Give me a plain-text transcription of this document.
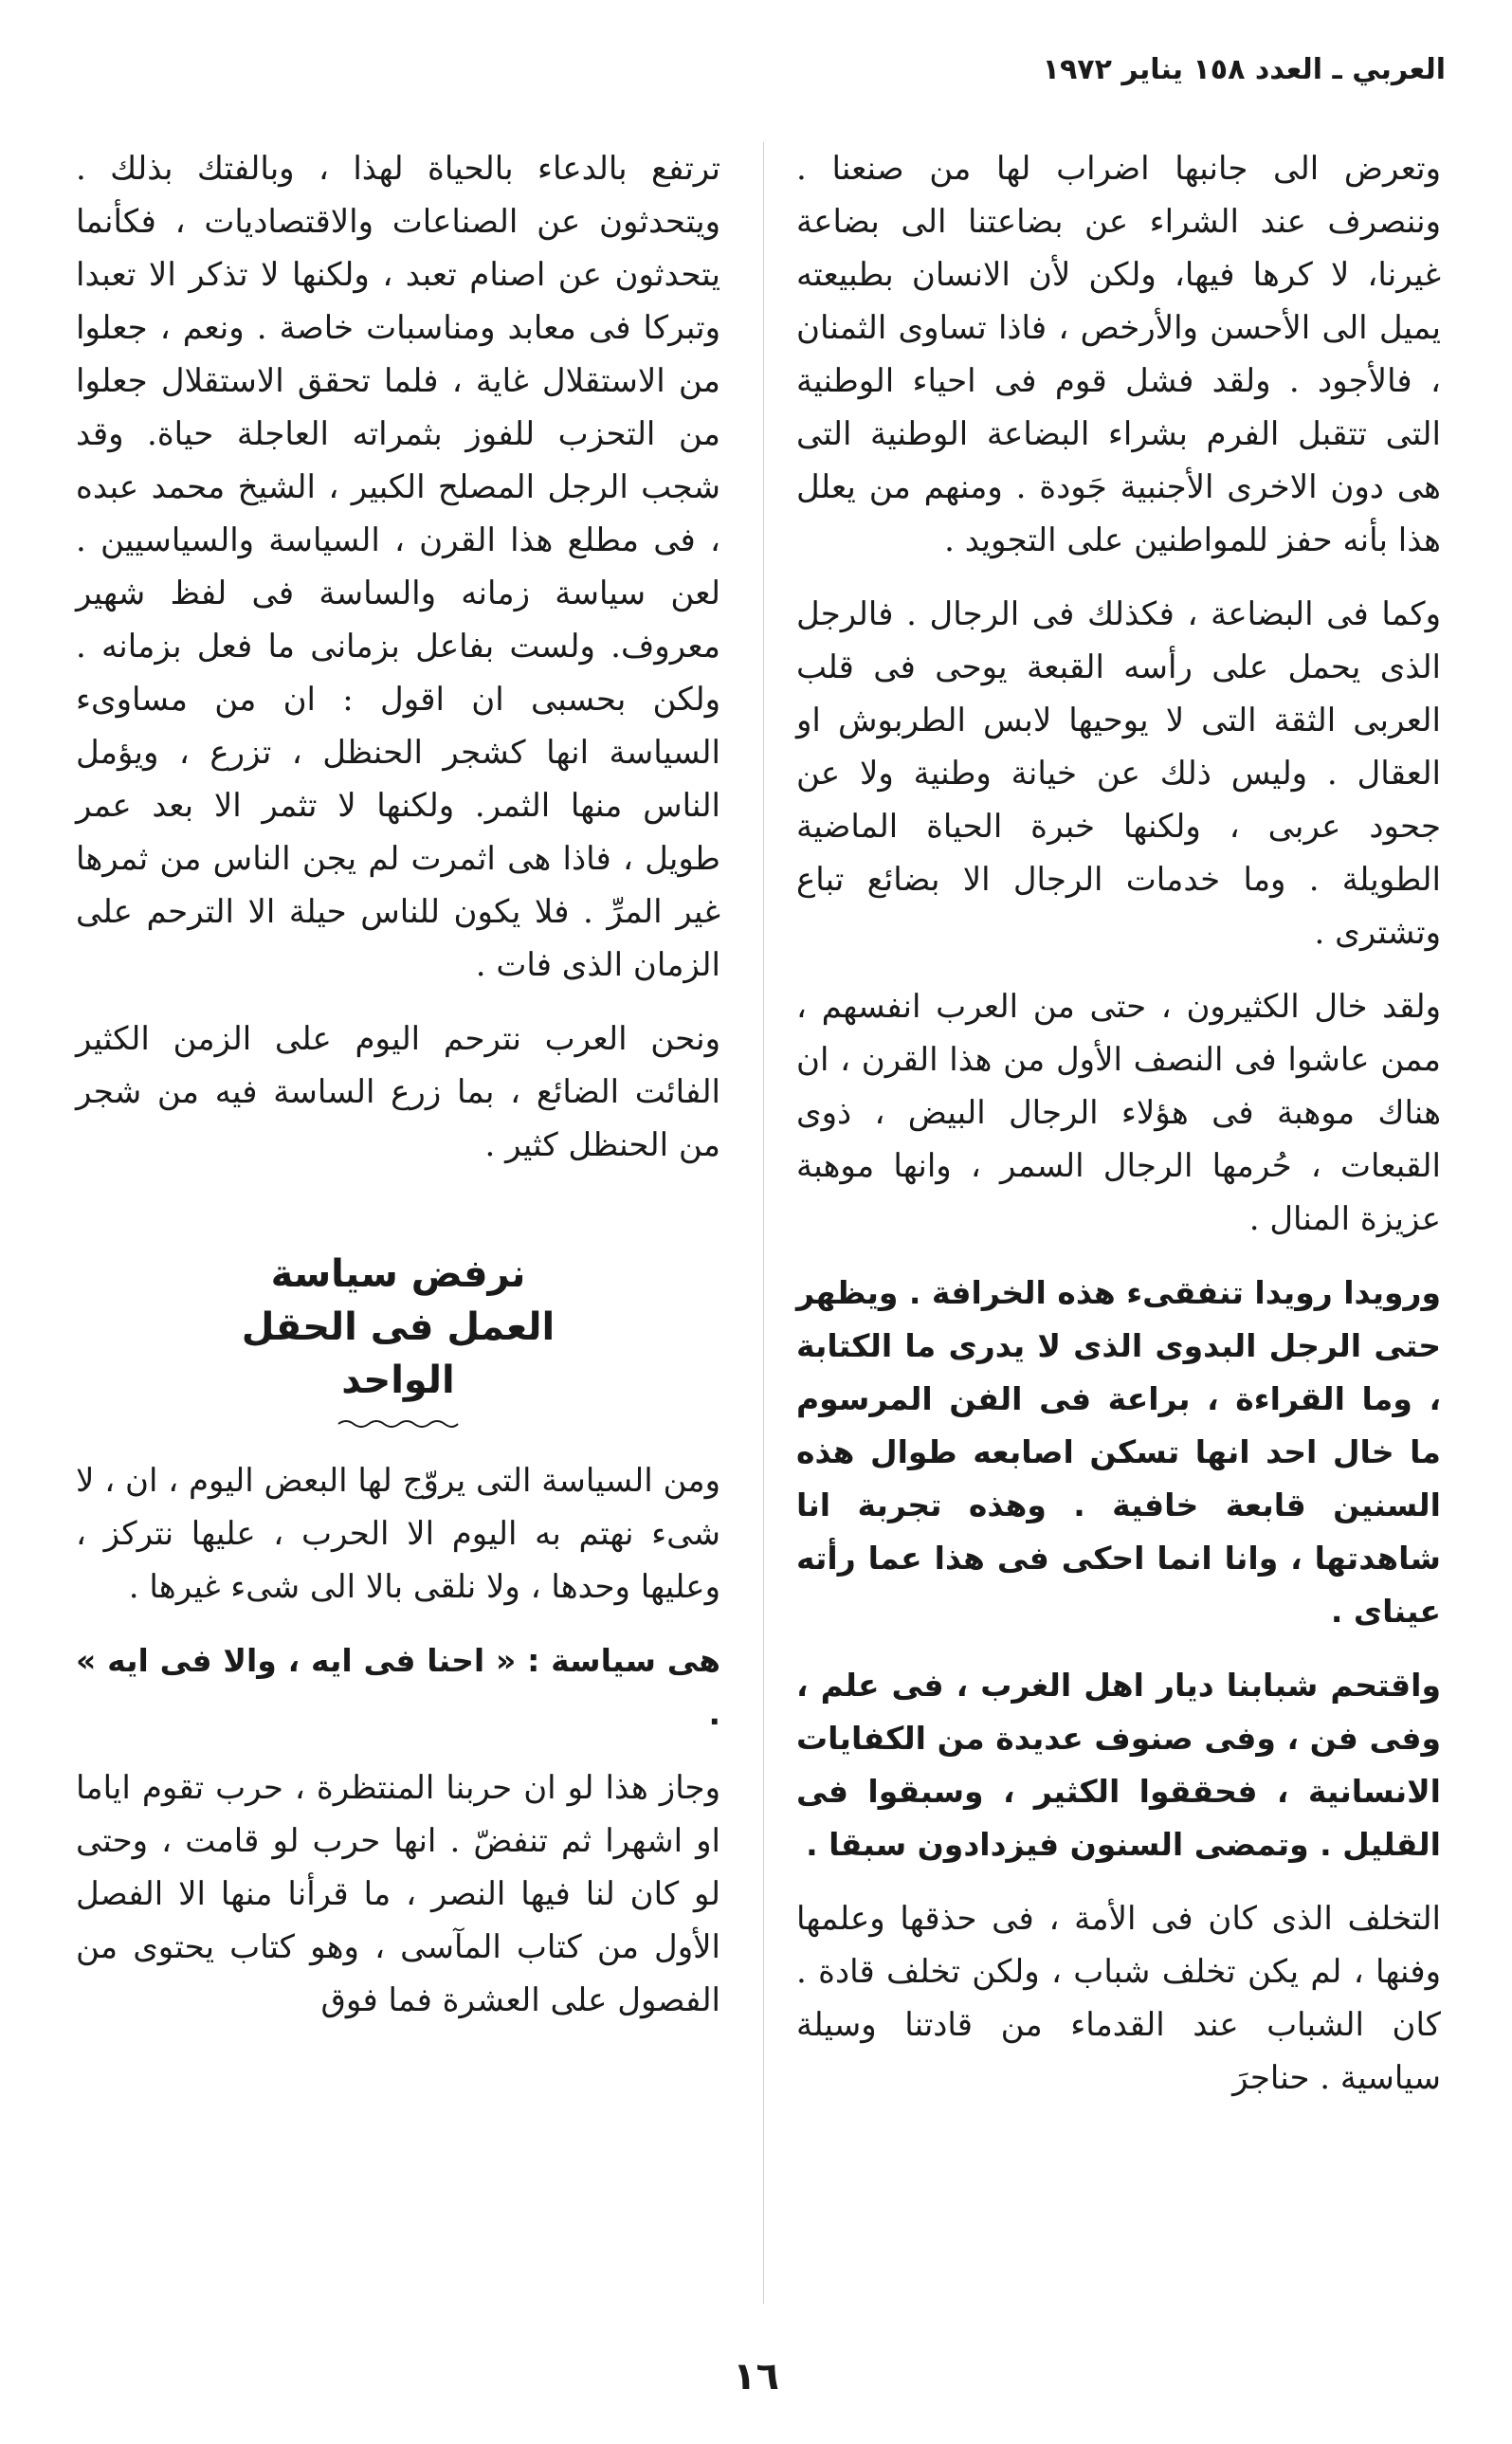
العربي ـ العدد ١٥٨ يناير ١٩٧٢

وتعرض الى جانبها اضراب لها من صنعنا . وننصرف عند الشراء عن بضاعتنا الى بضاعة غيرنا، لا كرها فيها، ولكن لأن الانسان بطبيعته يميل الى الأحسن والأرخص ، فاذا تساوى الثمنان ، فالأجود . ولقد فشل قوم فى احياء الوطنية التى تتقبل الفرم بشراء البضاعة الوطنية التى هى دون الاخرى الأجنبية جَودة . ومنهم من يعلل هذا بأنه حفز للمواطنين على التجويد .

وكما فى البضاعة ، فكذلك فى الرجال . فالرجل الذى يحمل على رأسه القبعة يوحى فى قلب العربى الثقة التى لا يوحيها لابس الطربوش او العقال . وليس ذلك عن خيانة وطنية ولا عن جحود عربى ، ولكنها خبرة الحياة الماضية الطويلة . وما خدمات الرجال الا بضائع تباع وتشترى .

ولقد خال الكثيرون ، حتى من العرب انفسهم ، ممن عاشوا فى النصف الأول من هذا القرن ، ان هناك موهبة فى هؤلاء الرجال البيض ، ذوى القبعات ، حُرمها الرجال السمر ، وانها موهبة عزيزة المنال .

ورويدا رويدا تنفقىء هذه الخرافة . ويظهر حتى الرجل البدوى الذى لا يدرى ما الكتابة ، وما القراءة ، براعة فى الفن المرسوم ما خال احد انها تسكن اصابعه طوال هذه السنين قابعة خافية . وهذه تجربة انا شاهدتها ، وانا انما احكى فى هذا عما رأته عيناى .

واقتحم شبابنا ديار اهل الغرب ، فى علم ، وفى فن ، وفى صنوف عديدة من الكفايات الانسانية ، فحققوا الكثير ، وسبقوا فى القليل . وتمضى السنون فيزدادون سبقا .

التخلف الذى كان فى الأمة ، فى حذقها وعلمها وفنها ، لم يكن تخلف شباب ، ولكن تخلف قادة . كان الشباب عند القدماء من قادتنا وسيلة سياسية . حناجرَ

ترتفع بالدعاء بالحياة لهذا ، وبالفتك بذلك . ويتحدثون عن الصناعات والاقتصاديات ، فكأنما يتحدثون عن اصنام تعبد ، ولكنها لا تذكر الا تعبدا وتبركا فى معابد ومناسبات خاصة . ونعم ، جعلوا من الاستقلال غاية ، فلما تحقق الاستقلال جعلوا من التحزب للفوز بثمراته العاجلة حياة. وقد شجب الرجل المصلح الكبير ، الشيخ محمد عبده ، فى مطلع هذا القرن ، السياسة والسياسيين . لعن سياسة زمانه والساسة فى لفظ شهير معروف. ولست بفاعل بزمانى ما فعل بزمانه . ولكن بحسبى ان اقول : ان من مساوىء السياسة انها كشجر الحنظل ، تزرع ، ويؤمل الناس منها الثمر. ولكنها لا تثمر الا بعد عمر طويل ، فاذا هى اثمرت لم يجن الناس من ثمرها غير المرِّ . فلا يكون للناس حيلة الا الترحم على الزمان الذى فات .

ونحن العرب نترحم اليوم على الزمن الكثير الفائت الضائع ، بما زرع الساسة فيه من شجر من الحنظل كثير .

نرفض سياسة
العمل فى الحقل
الواحد

ومن السياسة التى يروّج لها البعض اليوم ، ان ، لا شىء نهتم به اليوم الا الحرب ، عليها نتركز ، وعليها وحدها ، ولا نلقى بالا الى شىء غيرها .

هى سياسة : « احنا فى ايه ، والا فى ايه » .

وجاز هذا لو ان حربنا المنتظرة ، حرب تقوم اياما او اشهرا ثم تنفضّ . انها حرب لو قامت ، وحتى لو كان لنا فيها النصر ، ما قرأنا منها الا الفصل الأول من كتاب المآسى ، وهو كتاب يحتوى من الفصول على العشرة فما فوق

١٦
